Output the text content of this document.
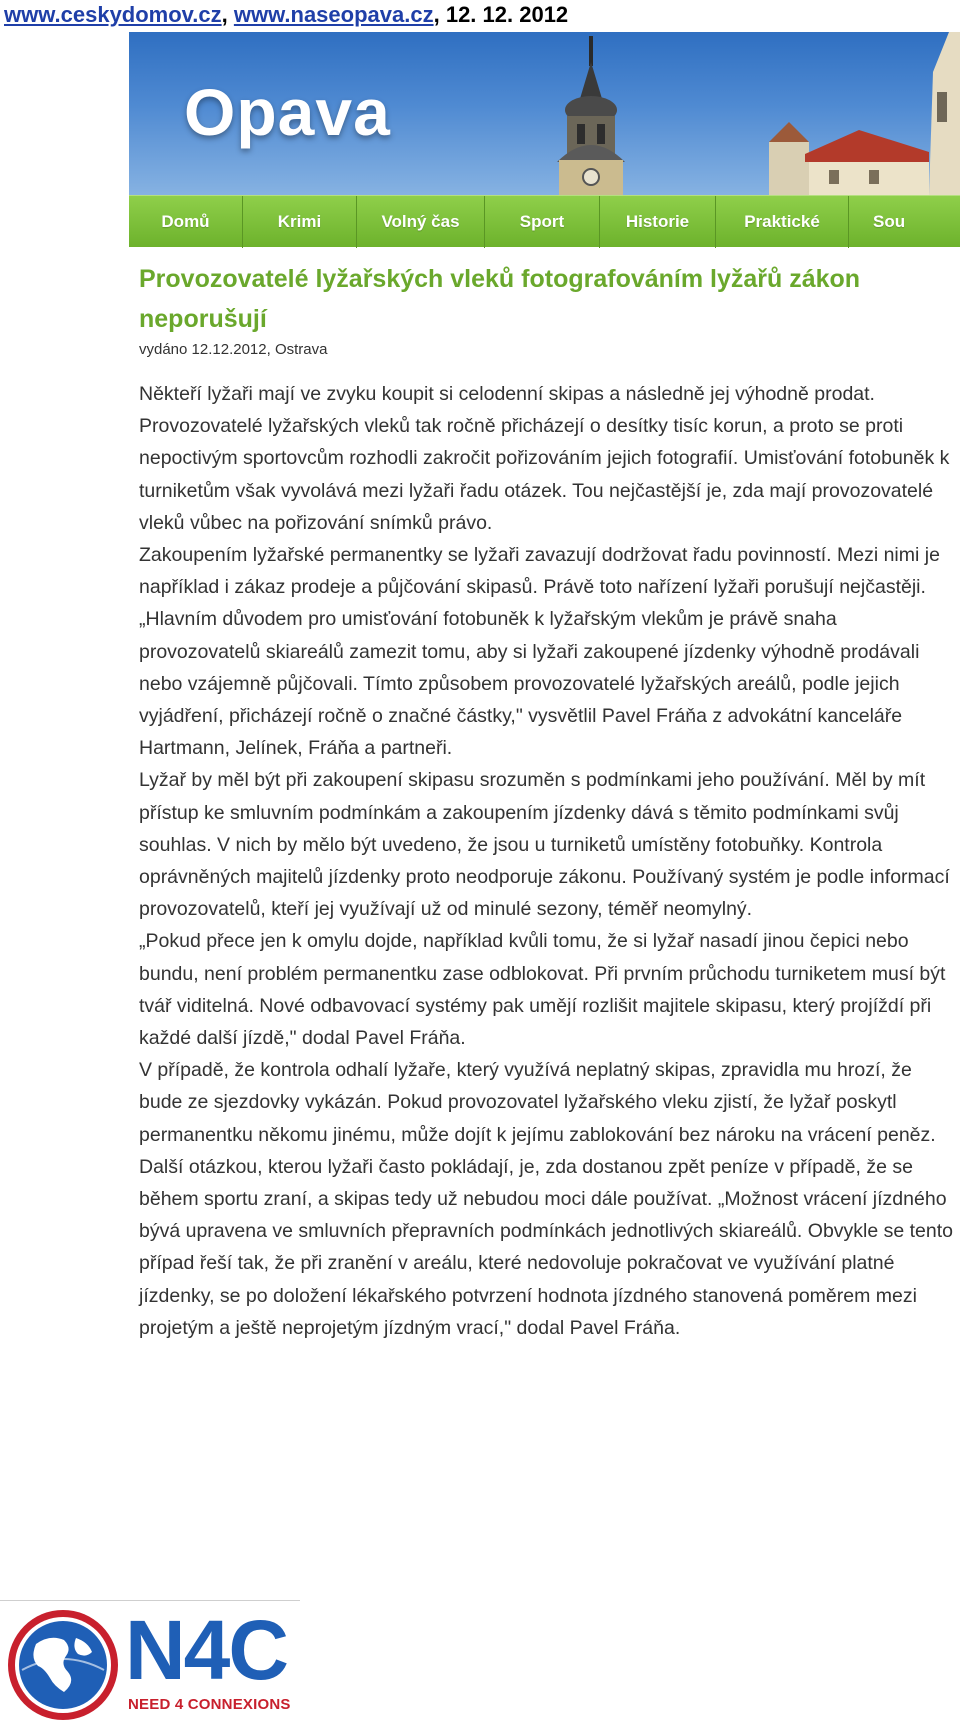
www.ceskydomov.cz, www.naseopava.cz, 12. 12. 2012
Opava
Domů	Krimi	Volný čas	Sport	Historie	Praktické	Sou
Provozovatelé lyžařských vleků fotografováním lyžařů zákon neporušují
vydáno 12.12.2012, Ostrava

Někteří lyžaři mají ve zvyku koupit si celodenní skipas a následně jej výhodně prodat. Provozovatelé lyžařských vleků tak ročně přicházejí o desítky tisíc korun, a proto se proti nepoctivým sportovcům rozhodli zakročit pořizováním jejich fotografií. Umisťování fotobuněk k turniketům však vyvolává mezi lyžaři řadu otázek. Tou nejčastější je, zda mají provozovatelé vleků vůbec na pořizování snímků právo.

Zakoupením lyžařské permanentky se lyžaři zavazují dodržovat řadu povinností. Mezi nimi je například i zákaz prodeje a půjčování skipasů. Právě toto nařízení lyžaři porušují nejčastěji. „Hlavním důvodem pro umisťování fotobuněk k lyžařským vlekům je právě snaha provozovatelů skiareálů zamezit tomu, aby si lyžaři zakoupené jízdenky výhodně prodávali nebo vzájemně půjčovali. Tímto způsobem provozovatelé lyžařských areálů, podle jejich vyjádření, přicházejí ročně o značné částky," vysvětlil Pavel Fráňa z advokátní kanceláře Hartmann, Jelínek, Fráňa a partneři.

Lyžař by měl být při zakoupení skipasu srozuměn s podmínkami jeho používání. Měl by mít přístup ke smluvním podmínkám a zakoupením jízdenky dává s těmito podmínkami svůj souhlas. V nich by mělo být uvedeno, že jsou u turniketů umístěny fotobuňky. Kontrola oprávněných majitelů jízdenky proto neodporuje zákonu. Používaný systém je podle informací provozovatelů, kteří jej využívají už od minulé sezony, téměř neomylný.

„Pokud přece jen k omylu dojde, například kvůli tomu, že si lyžař nasadí jinou čepici nebo bundu, není problém permanentku zase odblokovat. Při prvním průchodu turniketem musí být tvář viditelná. Nové odbavovací systémy pak umějí rozlišit majitele skipasu, který projíždí při každé další jízdě," dodal Pavel Fráňa.

V případě, že kontrola odhalí lyžaře, který využívá neplatný skipas, zpravidla mu hrozí, že bude ze sjezdovky vykázán. Pokud provozovatel lyžařského vleku zjistí, že lyžař poskytl permanentku někomu jinému, může dojít k jejímu zablokování bez nároku na vrácení peněz.

Další otázkou, kterou lyžaři často pokládají, je, zda dostanou zpět peníze v případě, že se během sportu zraní, a skipas tedy už nebudou moci dále používat. „Možnost vrácení jízdného bývá upravena ve smluvních přepravních podmínkách jednotlivých skiareálů. Obvykle se tento případ řeší tak, že při zranění v areálu, které nedovoluje pokračovat ve využívání platné jízdenky, se po doložení lékařského potvrzení hodnota jízdného stanovená poměrem mezi projetým a ještě neprojetým jízdným vrací," dodal Pavel Fráňa.

N4C
NEED 4 CONNEXIONS
